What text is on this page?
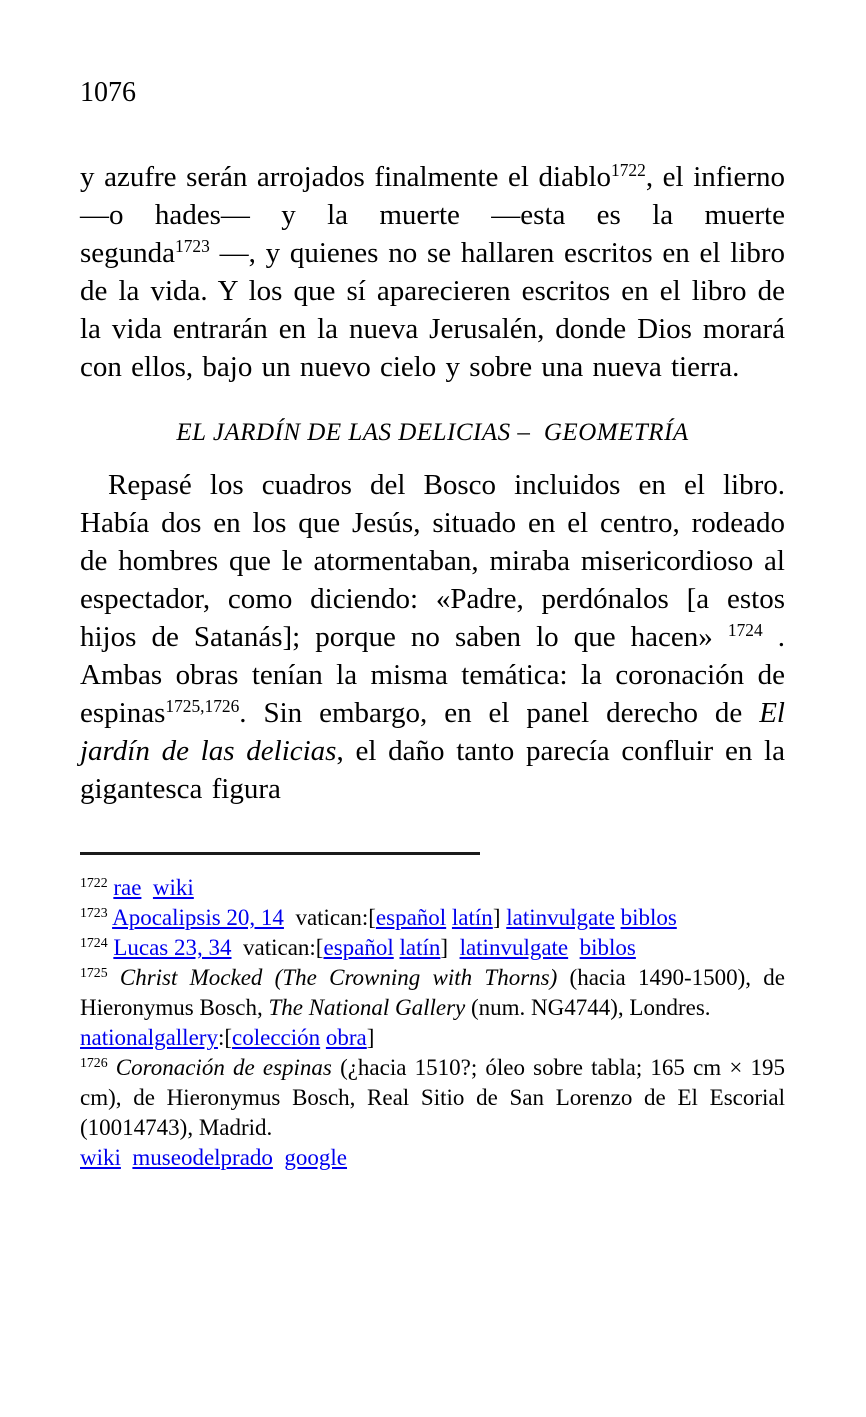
1076

y azufre serán arrojados finalmente el diablo$^{1722}$, el infierno —o hades— y la muerte —esta es la muerte segunda$^{1723}$ —, y quienes no se hallaren escritos en el libro de la vida. Y los que sí aparecieren escritos en el libro de la vida entrarán en la nueva Jerusalén, donde Dios morará con ellos, bajo un nuevo cielo y sobre una nueva tierra.

EL JARDÍN DE LAS DELICIAS –  GEOMETRÍA

Repasé los cuadros del Bosco incluidos en el libro. Había dos en los que Jesús, situado en el centro, rodeado de hombres que le atormentaban, miraba misericordioso al espectador, como diciendo: «Padre, perdónalos [a estos hijos de Satanás]; porque no saben lo que hacen» $^{1724}$ . Ambas obras tenían la misma temática: la coronación de espinas$^{1725,1726}$. Sin embargo, en el panel derecho de El jardín de las delicias, el daño tanto parecía confluir en la gigantesca figura

$^{1722}$ rae wiki
$^{1723}$ Apocalipsis 20, 14  vatican:[español latín] latinvulgate biblos
$^{1724}$ Lucas 23, 34  vatican:[español latín]  latinvulgate biblos
$^{1725}$ Christ Mocked (The Crowning with Thorns) (hacia 1490-1500), de Hieronymus Bosch, The National Gallery (num. NG4744), Londres.
nationalgallery:[colección obra]
$^{1726}$ Coronación de espinas (¿hacia 1510?; óleo sobre tabla; 165 cm × 195 cm), de Hieronymus Bosch, Real Sitio de San Lorenzo de El Escorial (10014743), Madrid.
wiki museodelprado google
